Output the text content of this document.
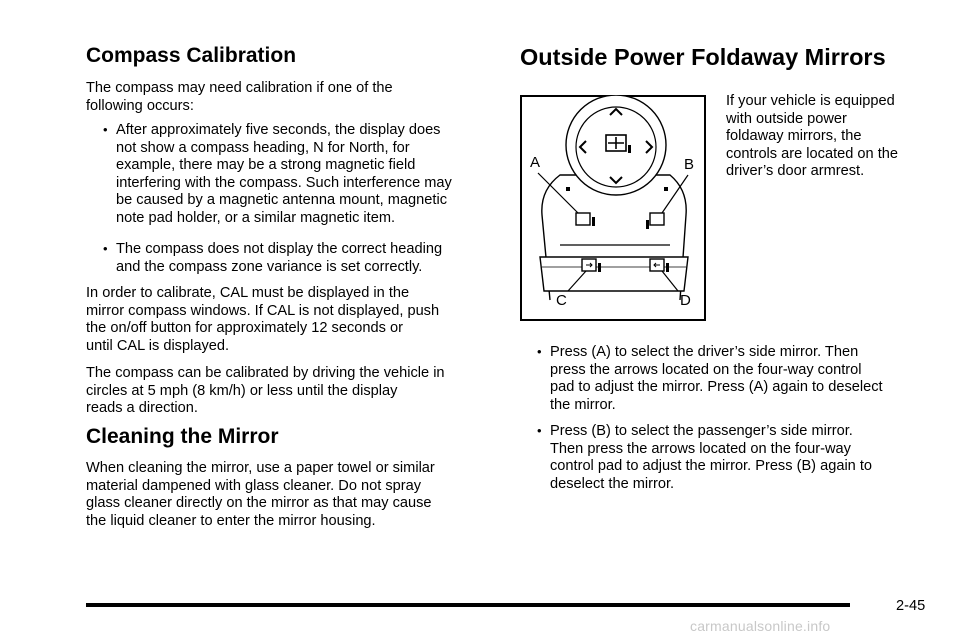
Compass Calibration
The compass may need calibration if one of the
following occurs:
• After approximately five seconds, the display does
not show a compass heading, N for North, for
example, there may be a strong magnetic field
interfering with the compass. Such interference may
be caused by a magnetic antenna mount, magnetic
note pad holder, or a similar magnetic item.
• The compass does not display the correct heading
and the compass zone variance is set correctly.
In order to calibrate, CAL must be displayed in the
mirror compass windows. If CAL is not displayed, push
the on/off button for approximately 12 seconds or
until CAL is displayed.
The compass can be calibrated by driving the vehicle in
circles at 5 mph (8 km/h) or less until the display
reads a direction.
Cleaning the Mirror
When cleaning the mirror, use a paper towel or similar
material dampened with glass cleaner. Do not spray
glass cleaner directly on the mirror as that may cause
the liquid cleaner to enter the mirror housing.
Outside Power Foldaway Mirrors
A	B
C	D
If your vehicle is equipped
with outside power
foldaway mirrors, the
controls are located on the
driver’s door armrest.
• Press (A) to select the driver’s side mirror. Then
press the arrows located on the four-way control
pad to adjust the mirror. Press (A) again to deselect
the mirror.
• Press (B) to select the passenger’s side mirror.
Then press the arrows located on the four-way
control pad to adjust the mirror. Press (B) again to
deselect the mirror.
2-45
carmanualsonline.info
